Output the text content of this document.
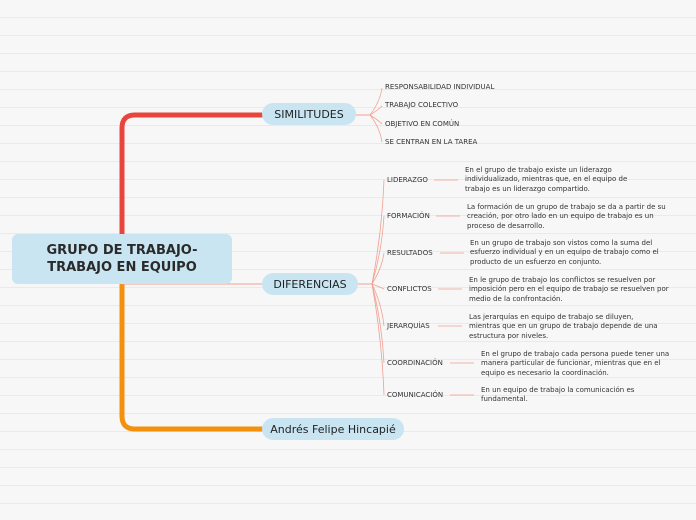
GRUPO DE TRABAJO-
TRABAJO EN EQUIPO
SIMILITUDES
DIFERENCIAS
Andrés Felipe Hincapié
RESPONSABILIDAD INDIVIDUAL
TRABAJO COLECTIVO
OBJETIVO EN COMÚN
SE CENTRAN EN LA TAREA
LIDERAZGO
En el grupo de trabajo existe un liderazgo individualizado, mientras que, en el equipo de trabajo es un liderazgo compartido.
FORMACIÓN
La formación de un grupo de trabajo se da a partir de su creación, por otro lado en un equipo de trabajo es un proceso de desarrollo.
RESULTADOS
En un grupo de trabajo son vistos como la suma del esfuerzo individual y en un equipo de trabajo como el producto de un esfuerzo en conjunto.
CONFLICTOS
En le grupo de trabajo los conflictos se resuelven por imposición pero en el equipo de trabajo se resuelven por medio de la confrontación.
JERARQUÍAS
Las jerarquías en equipo de trabajo se diluyen, mientras que en un grupo de trabajo depende de una estructura por niveles.
COORDINACIÓN
En el grupo de trabajo cada persona puede tener una manera particular de funcionar, mientras que en el equipo es necesario la coordinación.
COMUNICACIÓN
En un equipo de trabajo la comunicación es fundamental.
